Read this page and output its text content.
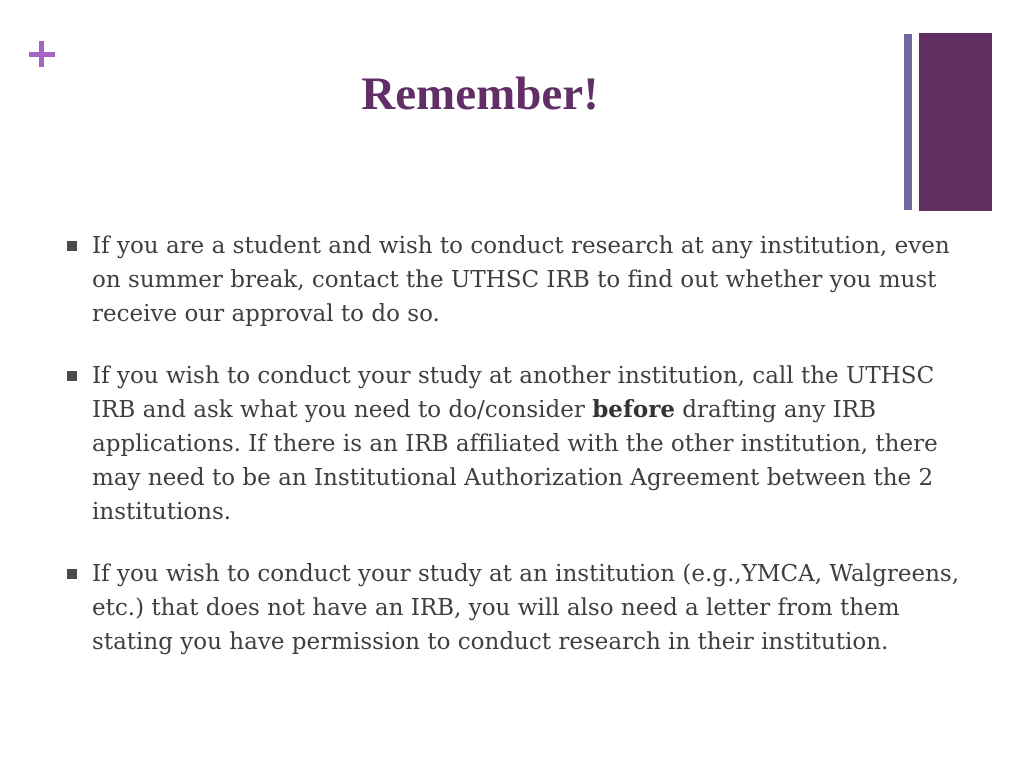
Remember!

If you are a student and wish to conduct research at any institution, even on summer break, contact the UTHSC IRB to find out whether you must receive our approval to do so.

If you wish to conduct your study at another institution, call the UTHSC IRB and ask what you need to do/consider before drafting any IRB applications. If there is an IRB affiliated with the other institution, there may need to be an Institutional Authorization Agreement between the 2 institutions.

If you wish to conduct your study at an institution (e.g.,YMCA, Walgreens, etc.) that does not have an IRB, you will also need a letter from them stating you have permission to conduct research in their institution.
